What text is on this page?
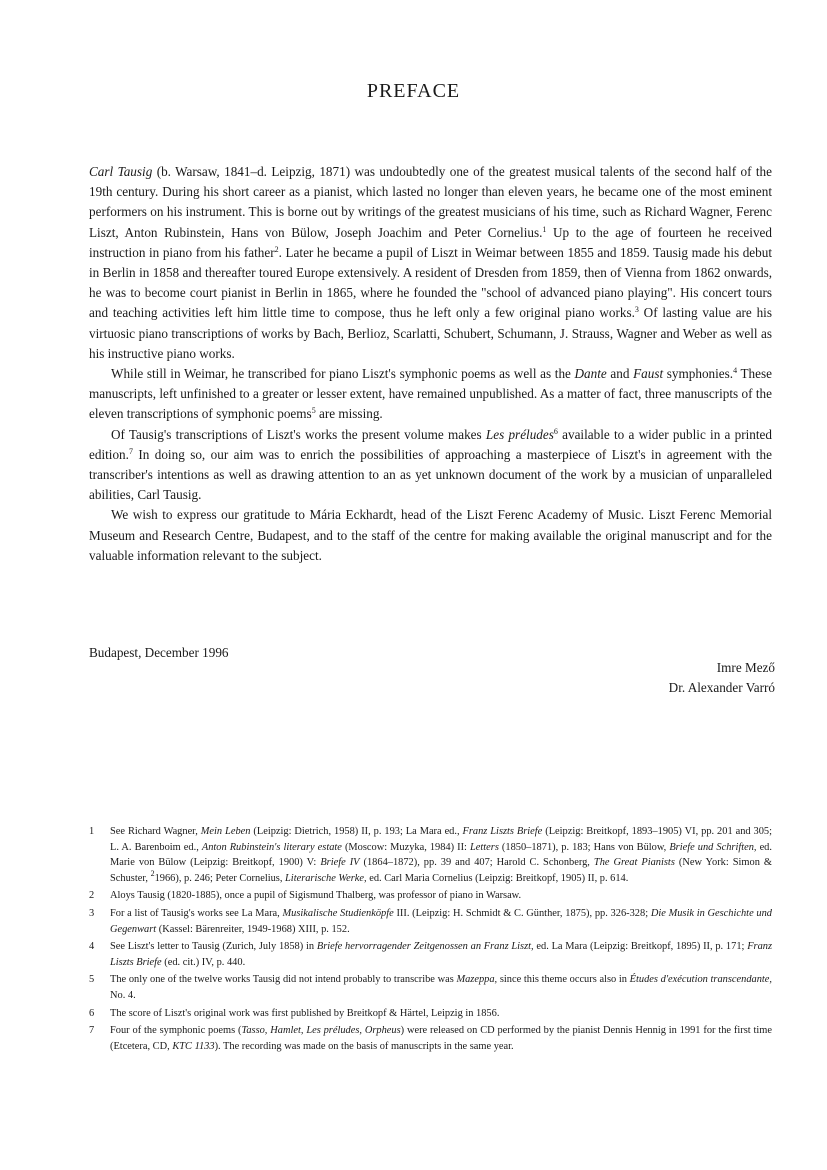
PREFACE

Carl Tausig (b. Warsaw, 1841–d. Leipzig, 1871) was undoubtedly one of the greatest musical talents of the second half of the 19th century. During his short career as a pianist, which lasted no longer than eleven years, he became one of the most eminent performers on his instrument. This is borne out by writings of the greatest musicians of his time, such as Richard Wagner, Ferenc Liszt, Anton Rubinstein, Hans von Bülow, Joseph Joachim and Peter Cornelius.$^1$ Up to the age of fourteen he received instruction in piano from his father$^2$. Later he became a pupil of Liszt in Weimar between 1855 and 1859. Tausig made his debut in Berlin in 1858 and thereafter toured Europe extensively. A resident of Dresden from 1859, then of Vienna from 1862 onwards, he was to become court pianist in Berlin in 1865, where he founded the "school of advanced piano playing". His concert tours and teaching activities left him little time to compose, thus he left only a few original piano works.$^3$ Of lasting value are his virtuosic piano transcriptions of works by Bach, Berlioz, Scarlatti, Schubert, Schumann, J. Strauss, Wagner and Weber as well as his instructive piano works.

While still in Weimar, he transcribed for piano Liszt's symphonic poems as well as the Dante and Faust symphonies.$^4$ These manuscripts, left unfinished to a greater or lesser extent, have remained unpublished. As a matter of fact, three manuscripts of the eleven transcriptions of symphonic poems$^5$ are missing.

Of Tausig's transcriptions of Liszt's works the present volume makes Les préludes$^6$ available to a wider public in a printed edition.$^7$ In doing so, our aim was to enrich the possibilities of approaching a masterpiece of Liszt's in agreement with the transcriber's intentions as well as drawing attention to an as yet unknown document of the work by a musician of unparalleled abilities, Carl Tausig.

We wish to express our gratitude to Mária Eckhardt, head of the Liszt Ferenc Academy of Music. Liszt Ferenc Memorial Museum and Research Centre, Budapest, and to the staff of the centre for making available the original manuscript and for the valuable information relevant to the subject.

Budapest, December 1996
Imre Mező
Dr. Alexander Varró
1	See Richard Wagner, Mein Leben (Leipzig: Dietrich, 1958) II, p. 193; La Mara ed., Franz Liszts Briefe (Leipzig: Breitkopf, 1893–1905) VI, pp. 201 and 305; L. A. Barenboim ed., Anton Rubinstein's literary estate (Moscow: Muzyka, 1984) II: Letters (1850–1871), p. 183; Hans von Bülow, Briefe und Schriften, ed. Marie von Bülow (Leipzig: Breitkopf, 1900) V: Briefe IV (1864–1872), pp. 39 and 407; Harold C. Schonberg, The Great Pianists (New York: Simon & Schuster, $^2$1966), p. 246; Peter Cornelius, Literarische Werke, ed. Carl Maria Cornelius (Leipzig: Breitkopf, 1905) II, p. 614.
2	Aloys Tausig (1820-1885), once a pupil of Sigismund Thalberg, was professor of piano in Warsaw.
3	For a list of Tausig's works see La Mara, Musikalische Studienköpfe III. (Leipzig: H. Schmidt & C. Günther, 1875), pp. 326-328; Die Musik in Geschichte und Gegenwart (Kassel: Bärenreiter, 1949-1968) XIII, p. 152.
4	See Liszt's letter to Tausig (Zurich, July 1858) in Briefe hervorragender Zeitgenossen an Franz Liszt, ed. La Mara (Leipzig: Breitkopf, 1895) II, p. 171; Franz Liszts Briefe (ed. cit.) IV, p. 440.
5	The only one of the twelve works Tausig did not intend probably to transcribe was Mazeppa, since this theme occurs also in Études d'exécution transcendante, No. 4.
6	The score of Liszt's original work was first published by Breitkopf & Härtel, Leipzig in 1856.
7	Four of the symphonic poems (Tasso, Hamlet, Les préludes, Orpheus) were released on CD performed by the pianist Dennis Hennig in 1991 for the first time (Etcetera, CD, KTC 1133). The recording was made on the basis of manuscripts in the same year.
